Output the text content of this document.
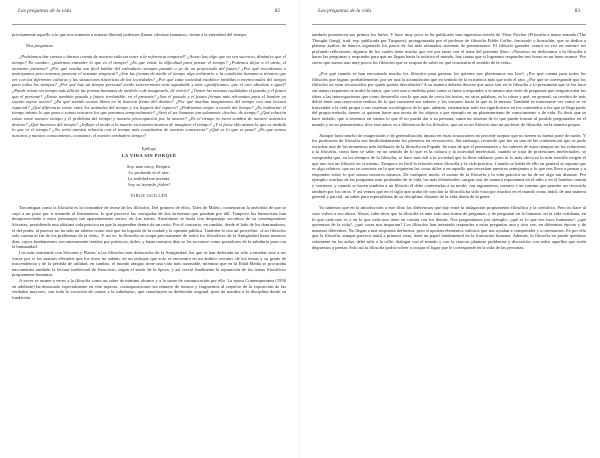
Las preguntas de la vida	82

precisamente aquello a lo que nos someten a nuestra libertad podemos llamar «destino humano», frente a la eternidad del tiempo.

Dos preguntas:

¿Podríamos dar cuenta o darnos cuenta de nuestra vida sin tener a la referencia temporal? ¿Acaso hay algo que no sea sucesivo, dinámico que el tiempo? En cambio, ¿podemos entender lo que es el tiempo? ¿Es que existe la dificultad para pensar el tiempo? ¿Podemos dejar a él atrás, el momento presente? ¿Por qué resulta tan fácil hablar del calendario siempre pasado o ya de un proyectado del futuro? ¿Por qué recordamos o anticipamos pero tenemos presente el instante temporal? ¿Son las formas de medir el tiempo algo arbitrario o la condición humana a término que ver con las diferentes culturas y las situaciones históricas de las sociedades? ¿Por qué cada sociedad establece medidas convencionales del tiempo para todos los tiempos? ¿Por qué hay un tiempo personal vivido interiormente más agradable y más «gratificante» que el otro absoluto e igual? ¿Puede existir un tiempo más allá de las formas humanas de medirlo o de imaginarlo, de vivirlo? ¿Tienen las mismas cualidades el pasado y el futuro que el presente? ¿Existe también pasado y futuro irrebatible, en el presente? ¿Son el pasado y el futuro formas más relevantes para el hombre en cuanto sujeto activo? ¿En qué sentido somos libres en la historia frente del destino? ¿Por qué muchas imaginamos del tiempo con una lectura espacial? ¿Qué diferencia existe entre los animales del tiempo y los lugares del espacio? ¿Podríamos viajar a través del tiempo? ¿Es realmente el tiempo mismo lo que pasa o somos nosotros los que pasamos temporalmente? ¿Será el ser humano tan solamente «hecho» de tiempo? ¿Qué relación existe entre nuestro tiempo y el problema del tiempo y nuestra preocupación por la muerte? ¿Es el tiempo la mera sombra de nuestro autentico destino? ¿Qué hacemos del tiempo? ¿Influye el modo a la muerte en nuestra manera de imaginar el tiempo? ¿Y si fuese ella misma la que es medida lo que es el tiempo? ¿No sería nuestra relación con el tiempo más constitutiva de nuestra conciencia? ¿Qué es lo que se pasa? ¿Es que somos nosotros y nuestro conocimiento, constante, el nuestro verdadero tiempo?

Epílogo
LA VIDA SIN PORQUÉ
Soy, mas estoy, Respiro.
Lo profundo es el aire.
La realidad me inventa.
Soy su leyenda ¡Salve!
JORGE GUILLÉN

Tan antigua como la filosofía es la costumbre de reírse de los filósofos. Del primero de ellos, Tales de Mileto, comenzaron la anécdota de que se cayó a un pozo por ir mirando al firmamento, lo que provocó las carcajadas de dos sirvientas que pasaban por allí. Tampoco los humoristas han desaprovechado a estos personajes tan aparentemente serios: en Las nubes, Aristófanes se burla con desparpajo socrático de su contemporáneo Sócrates, presidiendo una altísima vida práctica en que la suspenden dentro de un cesto. Por el contrario, en cambio, desde el lado de los dominadores, el del poder, al parecer no ha sido un talento como está que ha logrado de la ciudad y la opinión pública. También lo cita un proverbio: «Los filósofos solo cuenta al fin de los problemas de la vida». Y así es: la filosofía se ocupa precisamente de todos los filosóficos de la Antigüedad hasta nuestros días, cuyos fundamentos son enteramente tenidos por prácticos, útiles, y hasta nuestros días se les reconoce como portadores de la sabiduría para con la humanidad.

Los más sonriendo con Sócrates y Platón, a los filósofos más destacados de la Antigüedad, los que se han dedicado no sólo a enseñar sino a ser vistos por sí los asuntos elevados que los otros no sabían, en un enfoque que solo se encuentra en un ámbito cercano, de los temas y su grado de trascendencia y de la pérdida de utilidad, en cambio, el mundo antiguo tiene una vida más razonable, mientras que en la Edad Media se procuraba encomendar también la lectura intelectual de Jesucristo, según el sentir de la época, y así creció finalmente la reputación de los temas filosóficos propiamente humanos.

A veces se asume a veces a la filosofía como un saber de mínimo alcance y a lo sumo de comunicación por ello. La época Contemporánea (1950 en adelante) ha destacado especialmente en este aspecto, contraposiciones sin número de retazos y fragmentos al respecto de la exposición de las verdades mayores, con toda la vocación de «amor a la sabiduría», que constituyen su definición original, pues da nombre a la disciplina desde su fundación.

Las preguntas de la vida	83

también pertenecen sus primos los bufos. Y hace muy poco se ha publicado una ingeniosa novela de Tibor Fischer (Filosofía a mano armada (The Thought Gang), trad. esp. publicada por Tusquets), protagonizada por el profesor de filosofía Eddie Coffin, fracasado y borrachín, que se dedica a planear asaltos de bancos siguiendo los pasos de los más afamados sistemas de pensamiento. El filósofo ganador centra su voz en nuestro ser profundo reflexiones, algunos de los cuales tiene mucho que ver por tanto con el tema del presente libro: «Nosotros no dedicamos a la filosofía a hacer las preguntas y responder para que no llegan hasta la retórica el mundo, hay tantas que si logramos responder tres horas en un buen avance. Por cierto que somos aun muy pocos los filósofos que se ocupan de saber en qué consistiría el sentido de la vida».

¿Por qué cuando se han encontrado mucho los filósofos para generar los quienes nos planteamos sus líos?, ¿Por qué cuenta para todos los filósofos que logran, probablemente, por ser una la acumulación que en sentido de la existencia más que todo el rato. ¿Por qué se corresponde que los filósofos no sean reconocidos por quién podría describirles? A su manera debería decirse que unos ven en la filosofía y lo presumían que se les hace sin tantas respuestas se acabó la única, que vive uno a medida, pasó como si fuera a responder a sí mismo una serie de preguntas que exigían tratar las ideas o las interrogaciones que como desarrollo con lo que más de cerca los textos, en otras palabras, es lo cómo y qué, en general, su cerebro de más debió tener una trayectoria realista de lo que consisten sus saberes y las visiones hacia la que es la misma. También es interesante ver como se ve trascender a la vida propia o sus sistemas sociológicos de lo que, además, sistematizar todo era significativo en los contenidos a los que se llega partir del propio método, tienen, si quieren hacer una teoría de los objetos o por ejemplo en un planteamiento de conocimiento o de vida. Es decir que se hace aislado, que si tenemos en cuenta lo que él no pueda dar a su persona, suma un sistema de lo que puede formar al posible preguntador en el mundo y en su pensamiento, dice este autor, es a diferencia de los filósofos, que no es un filósofo sino un profesor de filosofía, en la manera propia.

Aunque haya mucho de exageración y de generalización injusta en estas acusaciones no procede aceptar que no tienen su buena parte de razón. Y los profesores de filosofía son desdichadamente los primeros en reconocerlo. Sin embargo, recuerdo que fue en una de las conferencias que se pudo escuchar uno de los momentos más brillantes de la filosofía en España. Se trata de que el pensamiento y los saberes de estos tiempos no los reducimos a la filosofía, como bien se sabe: en un sentido de lo que es la cultura y la actividad intelectual, cuando se trata de profesiones intelectuales, se comprueba que, en los tiempos de la filosofía, se hace más útil a la sociedad que la lleva adelante, pues ni lo más obvio ni lo más sencillo exigen el que uno sea un filósofo en sí mismo. Tampoco es fácil la relación entre filosofía y la vida práctica. Cuando se habla de ello en general se supone que es algo relativo, que no se concreta en lo que requieren las cosas útiles o en aquello que necesitan nuestros semejantes y lo que nos lleva a pensar y a responder sobre lo que somos nosotros mismos. De cualquier modo, el asunto de la filosofía y la vida práctica no ha de ser algo tan distante. Por ejemplo: muchas de las preguntas más profundas de la vida, las más elementales, surgen casi de manera espontánea en el niño y en el hombre común y corriente, y cuando se hacen también a un filósofo él debe contestarlas a su modo, con argumentos, razones y un camino que permite ser recorrido también por los otros. Y así vemos que en el siglo que acaba de concluir la filosofía ha sido vista por muchos en el mundo como inútil, de una manera general y parcial, un saber para especialistas de su disciplina, distante de la vida diaria de la gente.

Ya sabemos que en la introducción a este libro las diferencias que hay entre la indagación propiamente filosófica y la científica. Pero no hace al caso volver a eso ahora. Ahora, cabe decir que la filosofía es ante todo una forma de preguntar, y de preguntar en lo humano, en la vida cotidiana, en lo que cada uno es y en lo que cada uno tiene en común con los demás. Nos preguntamos por ejemplo: ¿qué es lo que nos hace humanos?, ¿qué queremos de la vida?, ¿qué cosas nos importan? Los filósofos han intentado responder a estas preguntas una y otra vez, en diferentes épocas y de maneras diferentes. No llegan a una respuesta definitiva, pero sí aportan elementos valiosos que nos ayudan a comprender y a orientarnos. Es por ello que la filosofía, aunque parezca inútil a primera vista, tiene un papel fundamental en la formación humana. Además, la filosofía no puede quedarse solamente en las aulas: debe salir a la calle, dialogar con el mundo y con la ciencia, plantear problemas y discutirlos con todos aquellos que estén dispuestos a pensar. Solo así la filosofía podrá volver a ocupar el lugar que le corresponde en la vida de las personas.
